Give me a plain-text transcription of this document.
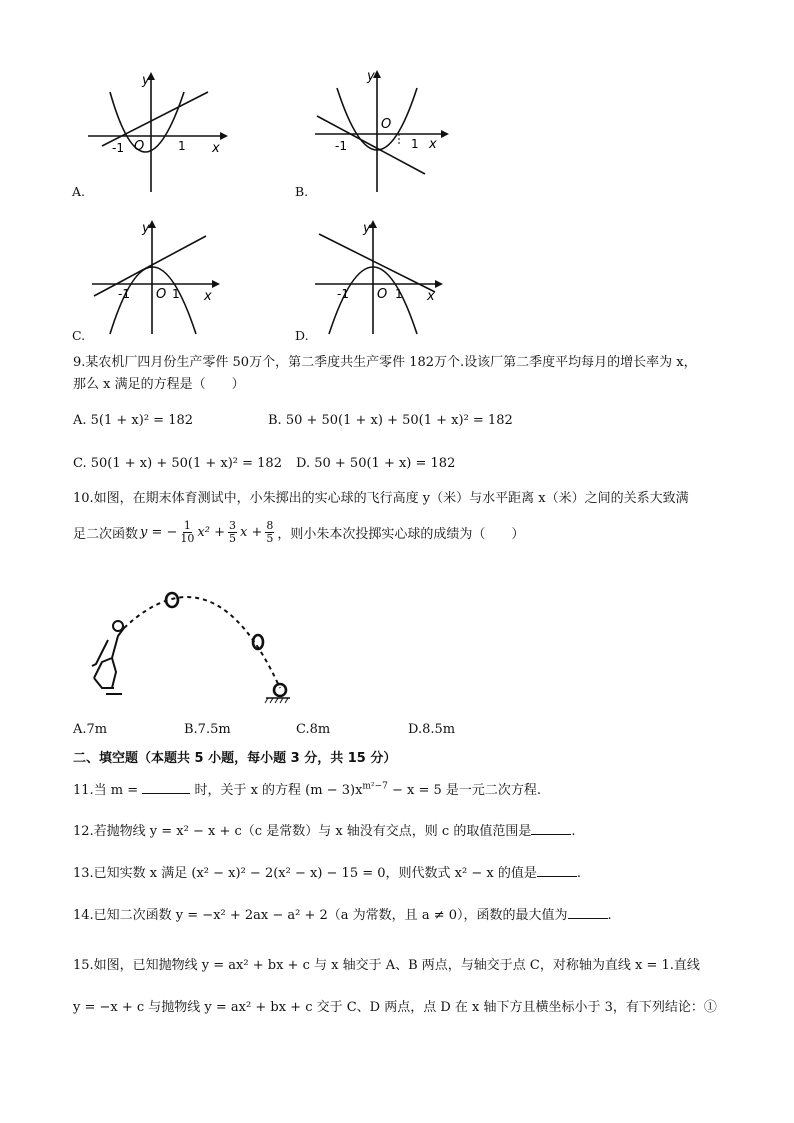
y
x
-1 O	1
A.
y
x
-1
O
1
B.
y
x
-1 O 1
C.
y
x
-1 O 1
D.
9.某农机厂四月份生产零件 50万个，第二季度共生产零件 182万个.设该厂第二季度平均每月的增长率为 x，
那么 x 满足的方程是（　　）
A. 5(1 + x)² = 182	B. 50 + 50(1 + x) + 50(1 + x)² = 182
C. 50(1 + x) + 50(1 + x)² = 182 D. 50 + 50(1 + x) = 182
10.如图，在期末体育测试中，小朱掷出的实心球的飞行高度 y（米）与水平距离 x（米）之间的关系大致满
足二次函数 y = − $\frac{1}{10} x^2 + \frac{3}{5}$ $x + \frac{8}{5}$ ，则小朱本次投掷实心球的成绩为（　　）
A.7m	B.7.5m	C.8m	D.8.5m
二、填空题（本题共 5 小题，每小题 3 分，共 15 分）
11.当 m =	时，关于 x 的方程 $(m - 3)x^{m^2-7} - x = 5$ 是一元二次方程.
12.若抛物线 y = x² − x + c（c 是常数）与 x 轴没有交点，则 c 的取值范围是	.
13.已知实数 x 满足 (x² − x)² − 2(x² − x) − 15 = 0，则代数式 x² − x 的值是	.
14.已知二次函数 y = −x² + 2ax − a² + 2（a 为常数，且 a ≠ 0），函数的最大值为	.
15.如图，已知抛物线 y = ax² + bx + c 与 x 轴交于 A、B 两点，与轴交于点 C，对称轴为直线 x = 1.直线
y = −x + c 与抛物线 y = ax² + bx + c 交于 C、D 两点，点 D 在 x 轴下方且横坐标小于 3，有下列结论：①
